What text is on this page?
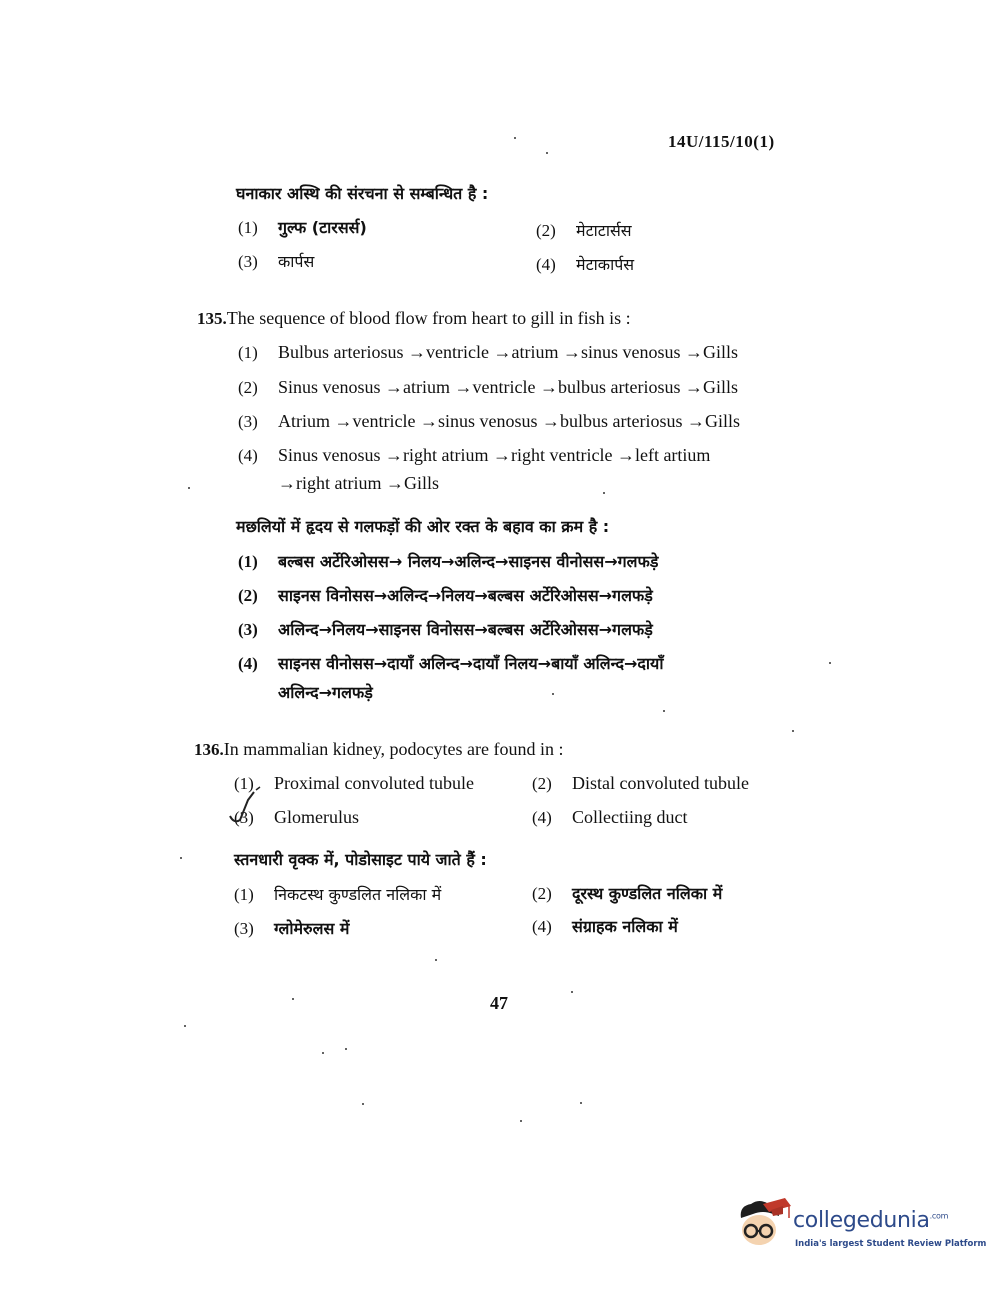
14U/115/10(1)
घनाकार अस्थि की संरचना से सम्बन्धित है :
(1) गुल्फ (टारसर्स)	(2) मेटाटार्सस
(3) कार्पस	(4) मेटाकार्पस
135.The sequence of blood flow from heart to gill in fish is :
(1) Bulbus arteriosus →ventricle →atrium →sinus venosus →Gills
(2) Sinus venosus →atrium →ventricle →bulbus arteriosus →Gills
(3) Atrium →ventricle →sinus venosus →bulbus arteriosus →Gills
(4) Sinus venosus →right atrium →right ventricle →left artium
→right atrium →Gills
मछलियों में हृदय से गलफड़ों की ओर रक्त के बहाव का क्रम है :
(1) बल्बस अर्टेरिओसस→ निलय→अलिन्द→साइनस वीनोसस→गलफड़े
(2) साइनस विनोसस→अलिन्द→निलय→बल्बस अर्टेरिओसस→गलफड़े
(3) अलिन्द→निलय→साइनस विनोसस→बल्बस अर्टेरिओसस→गलफड़े
(4) साइनस वीनोसस→दायाँ अलिन्द→दायाँ निलय→बायाँ अलिन्द→दायाँ
अलिन्द→गलफड़े
136.In mammalian kidney, podocytes are found in :
(1) Proximal convoluted tubule	(2) Distal convoluted tubule
(3) Glomerulus	(4) Collectiing duct
स्तनधारी वृक्क में, पोडोसाइट पाये जाते हैं :
(1) निकटस्थ कुण्डलित नलिका में	(2) दूरस्थ कुण्डलित नलिका में
(3) ग्लोमेरुलस में	(4) संग्राहक नलिका में
47
collegedunia$^{.com}$
India's largest Student Review Platform
